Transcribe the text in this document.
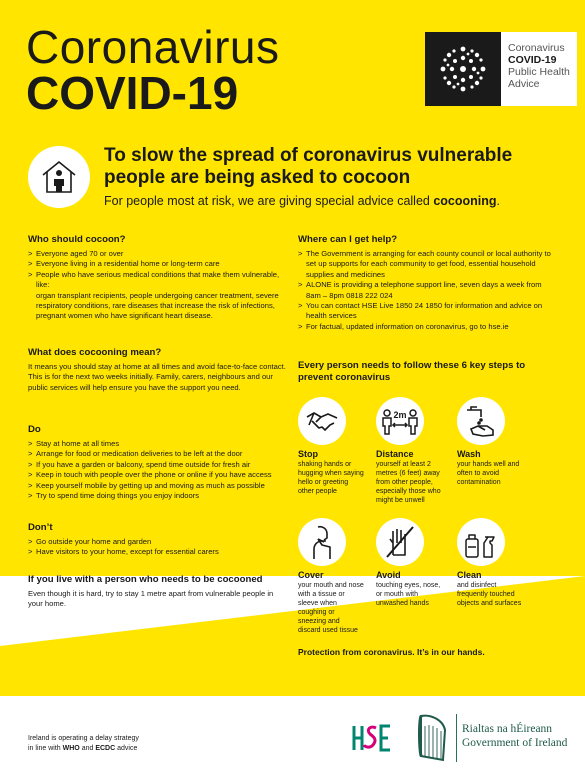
Coronavirus
COVID-19
Coronavirus
COVID-19
Public Health
Advice
To slow the spread of coronavirus vulnerable people are being asked to cocoon
For people most at risk, we are giving special advice called cocooning.
Who should cocoon?
> Everyone aged 70 or over
> Everyone living in a residential home or long-term care
> People who have serious medical conditions that make them vulnerable, like:

organ transplant recipients, people undergoing cancer treatment, severe respiratory conditions, rare diseases that increase the risk of infections, pregnant women who have significant heart disease.

What does cocooning mean?

It means you should stay at home at all times and avoid face-to-face contact. This is for the next two weeks initially. Family, carers, neighbours and our public services will help ensure you have the support you need.

Do
> Stay at home at all times
> Arrange for food or medication deliveries to be left at the door
> If you have a garden or balcony, spend time outside for fresh air
> Keep in touch with people over the phone or online if you have access
> Keep yourself mobile by getting up and moving as much as possible
> Try to spend time doing things you enjoy indoors
Don’t
> Go outside your home and garden
> Have visitors to your home, except for essential carers
If you live with a person who needs to be cocooned

Even though it is hard, try to stay 1 metre apart from vulnerable people in your home.

Where can I get help?
> The Government is arranging for each county council or local authority to set up supports for each community to get food, essential household supplies and medicines
> ALONE is providing a telephone support line, seven days a week from 8am – 8pm 0818 222 024
> You can contact HSE Live 1850 24 1850 for information and advice on health services
> For factual, updated information on coronavirus, go to hse.ie
Every person needs to follow these 6 key steps to prevent coronavirus
Stop
shaking hands or hugging when saying hello or greeting other people
2m
Distance
yourself at least 2 metres (6 feet) away from other people, especially those who might be unwell
Wash
your hands well and often to avoid contamination
Cover
your mouth and nose with a tissue or sleeve when coughing or sneezing and discard used tissue
Avoid
touching eyes, nose, or mouth with unwashed hands
Clean
and disinfect frequently touched objects and surfaces
Protection from coronavirus. It’s in our hands.
Ireland is operating a delay strategy
in line with WHO and ECDC advice
Rialtas na hÉireann
Government of Ireland
